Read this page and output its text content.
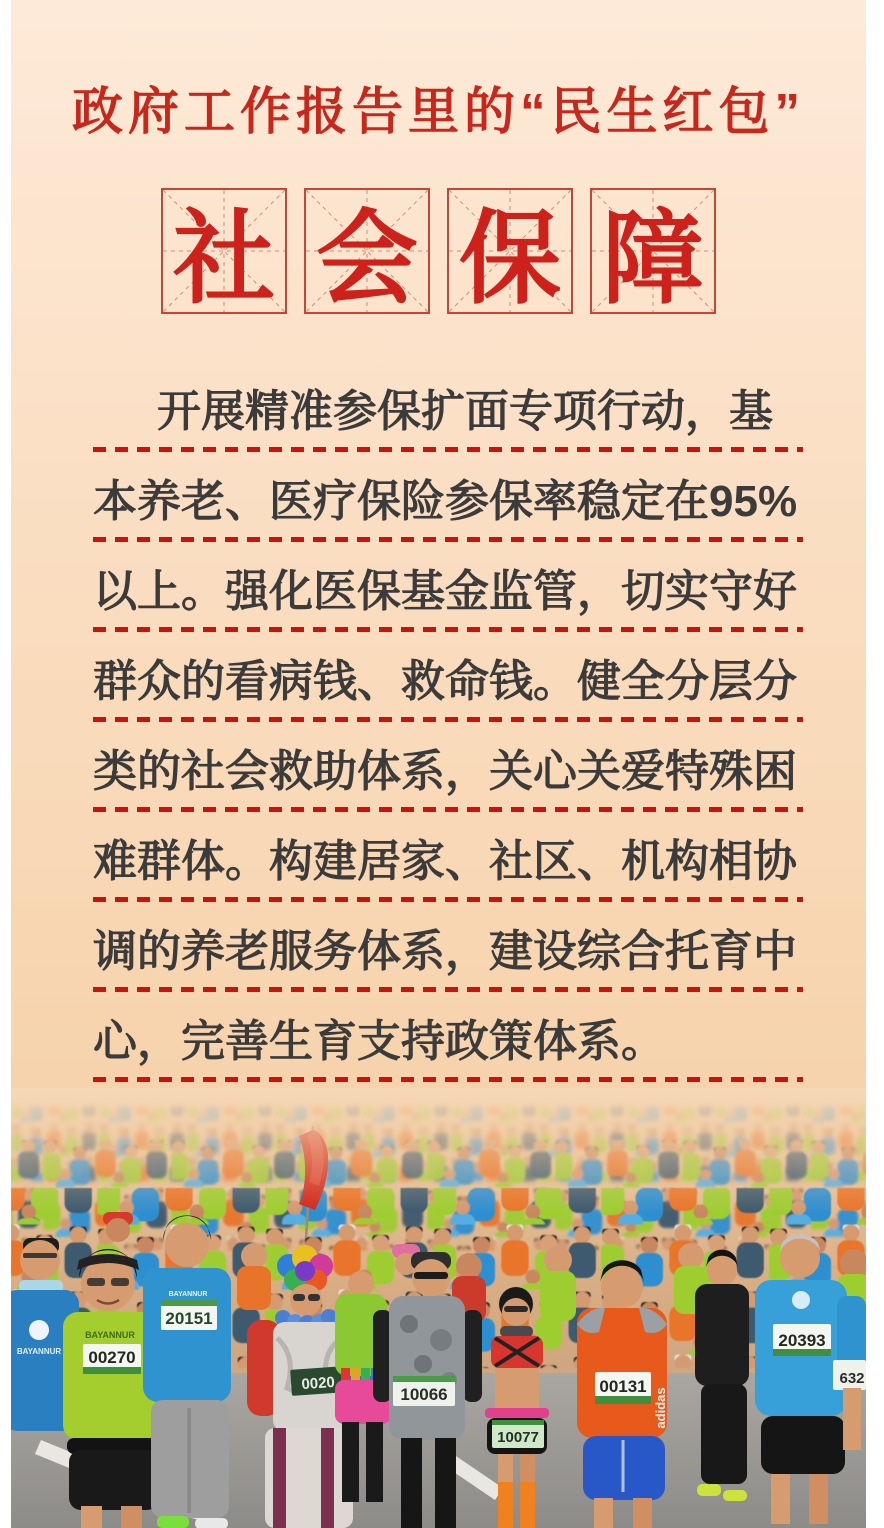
政府工作报告里的“民生红包”
社 会 保 障
开展精准参保扩面专项行动，基
本养老、医疗保险参保率稳定在95%
以上。强化医保基金监管，切实守好
群众的看病钱、救命钱。健全分层分
类的社会救助体系，关心关爱特殊困
难群体。构建居家、社区、机构相协
调的养老服务体系，建设综合托育中
心，完善生育支持政策体系。
BAYANNUR
BAYANNUR
00270
BAYANNUR
20151
0020
10066
10077
00131
adidas
20393
632
